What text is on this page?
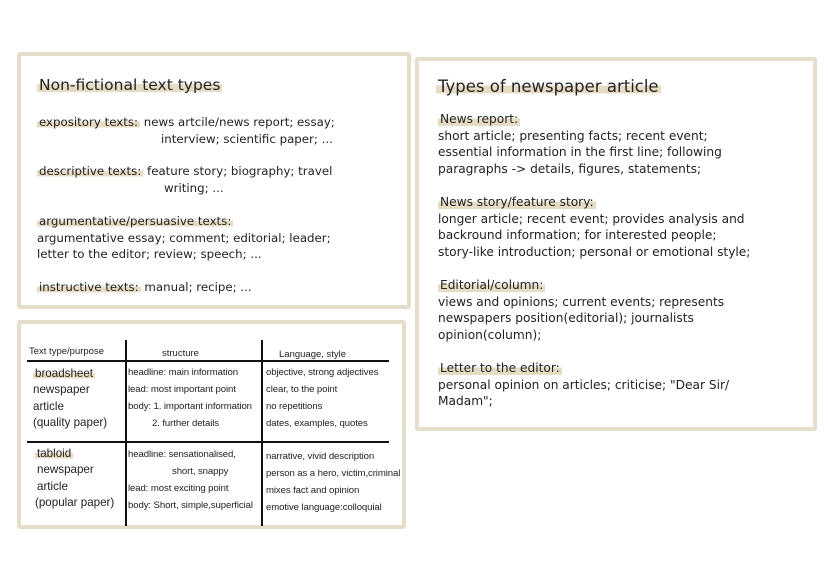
Non-fictional text types
expository texts: news artcile/news report; essay;
interview; scientific paper; ...
descriptive texts: feature story; biography; travel
writing; ...
argumentative/persuasive texts:
argumentative essay; comment; editorial; leader;
letter to the editor; review; speech; ...
instructive texts: manual; recipe; ...
Types of newspaper article
News report:
short article; presenting facts; recent event;
essential information in the first line; following
paragraphs -> details, figures, statements;
News story/feature story:
longer article; recent event; provides analysis and
backround information; for interested people;
story-like introduction; personal or emotional style;
Editorial/column:
views and opinions; current events; represents
newspapers position(editorial); journalists
opinion(column);
Letter to the editor:
personal opinion on articles; criticise; "Dear Sir/
Madam";
Text type/purpose	structure	Language, style
broadsheet
newspaper
article
(quality paper)
headline: main information
lead: most important point
body: 1. important information
2. further details
objective, strong adjectives
clear, to the point
no repetitions
dates, examples, quotes
tabloid
newspaper
article
(popular paper)
headline: sensationalised,
short, snappy
lead: most exciting point
body: Short, simple,superficial
narrative, vivid description
person as a hero, victim,criminal
mixes fact and opinion
emotive language:colloquial
